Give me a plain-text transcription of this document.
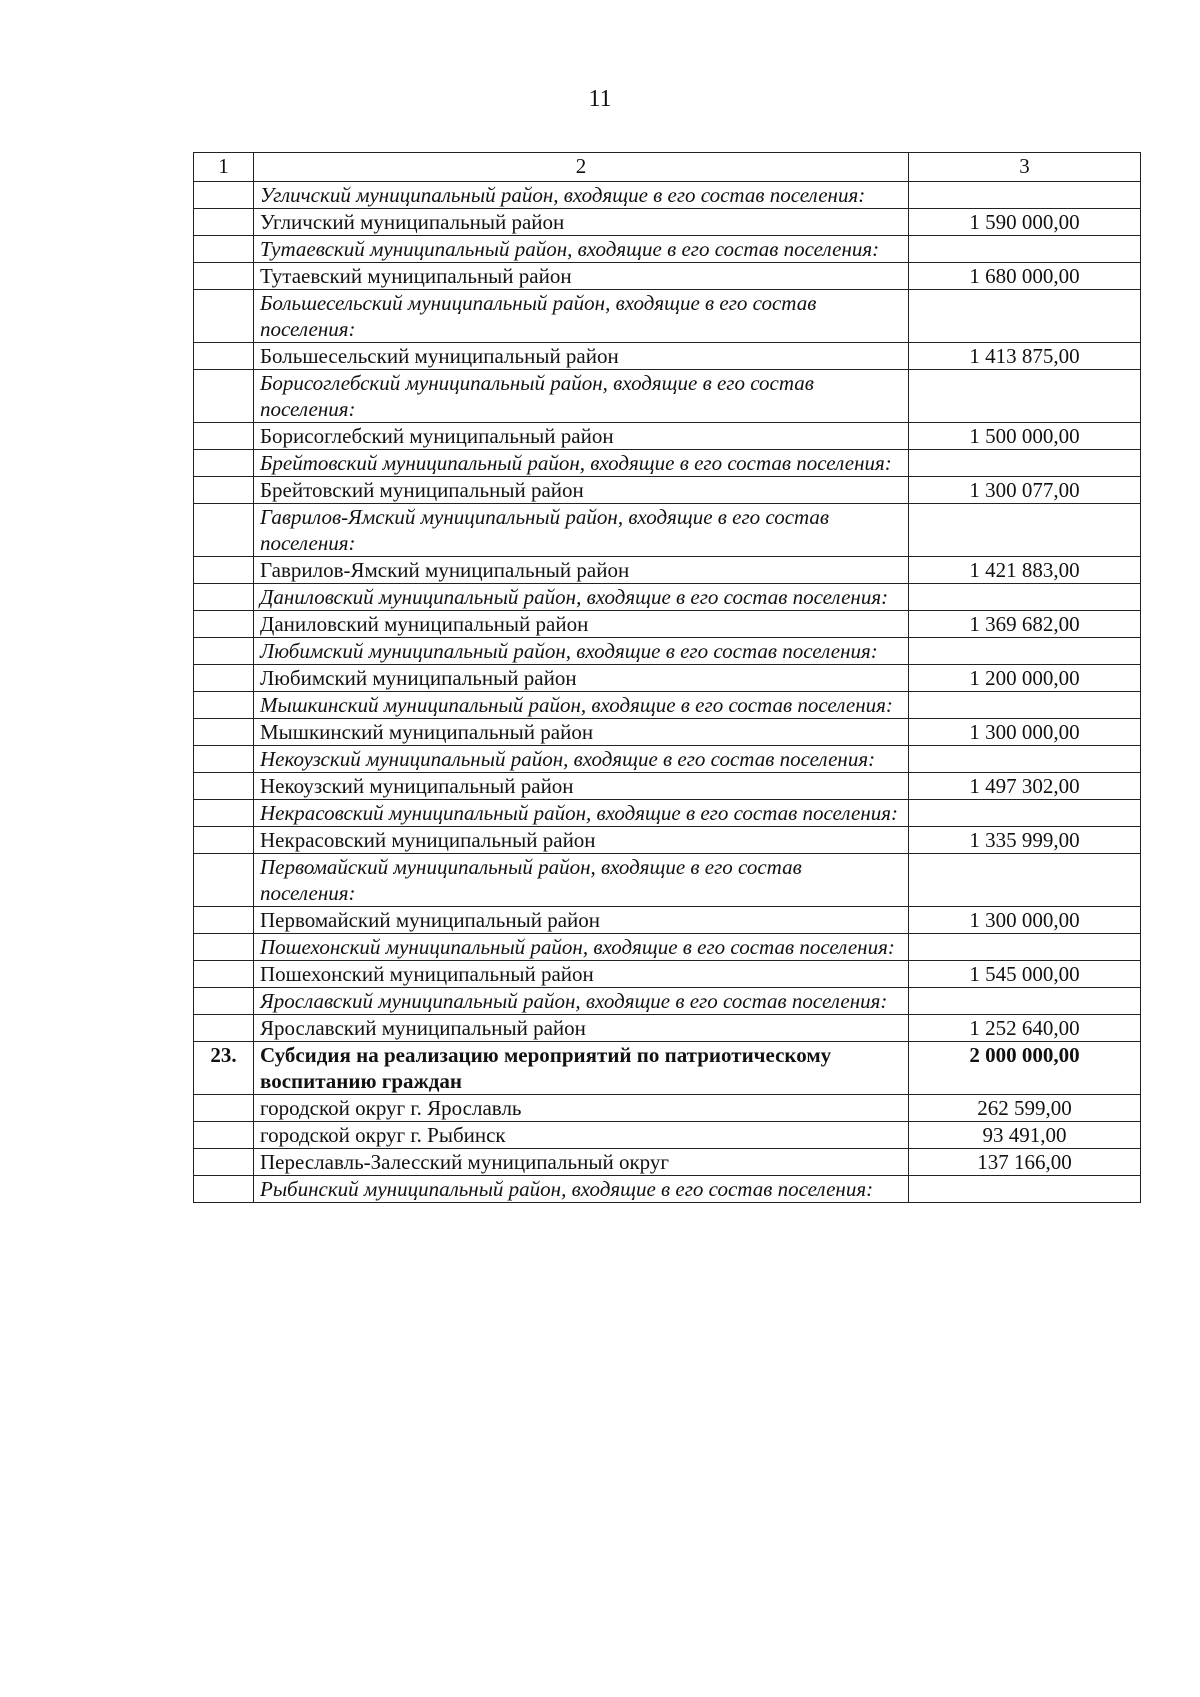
11
1	2	3
	Угличский муниципальный район, входящие в его состав поселения:	
	Угличский муниципальный район	1 590 000,00
	Тутаевский муниципальный район, входящие в его состав поселения:	
	Тутаевский муниципальный район	1 680 000,00
	Большесельский муниципальный район, входящие в его состав поселения:	
	Большесельский муниципальный район	1 413 875,00
	Борисоглебский муниципальный район, входящие в его состав поселения:	
	Борисоглебский муниципальный район	1 500 000,00
	Брейтовский муниципальный район, входящие в его состав поселения:	
	Брейтовский муниципальный район	1 300 077,00
	Гаврилов-Ямский муниципальный район, входящие в его состав поселения:	
	Гаврилов-Ямский муниципальный район	1 421 883,00
	Даниловский муниципальный район, входящие в его состав поселения:	
	Даниловский муниципальный район	1 369 682,00
	Любимский муниципальный район, входящие в его состав поселения:	
	Любимский муниципальный район	1 200 000,00
	Мышкинский муниципальный район, входящие в его состав поселения:	
	Мышкинский муниципальный район	1 300 000,00
	Некоузский муниципальный район, входящие в его состав поселения:	
	Некоузский муниципальный район	1 497 302,00
	Некрасовский муниципальный район, входящие в его состав поселения:	
	Некрасовский муниципальный район	1 335 999,00
	Первомайский муниципальный район, входящие в его состав поселения:	
	Первомайский муниципальный район	1 300 000,00
	Пошехонский муниципальный район, входящие в его состав поселения:	
	Пошехонский муниципальный район	1 545 000,00
	Ярославский муниципальный район, входящие в его состав поселения:	
	Ярославский муниципальный район	1 252 640,00
23.	Субсидия на реализацию мероприятий по патриотическому воспитанию граждан	2 000 000,00
	городской округ г. Ярославль	262 599,00
	городской округ г. Рыбинск	93 491,00
	Переславль-Залесский муниципальный округ	137 166,00
	Рыбинский муниципальный район, входящие в его состав поселения:	
